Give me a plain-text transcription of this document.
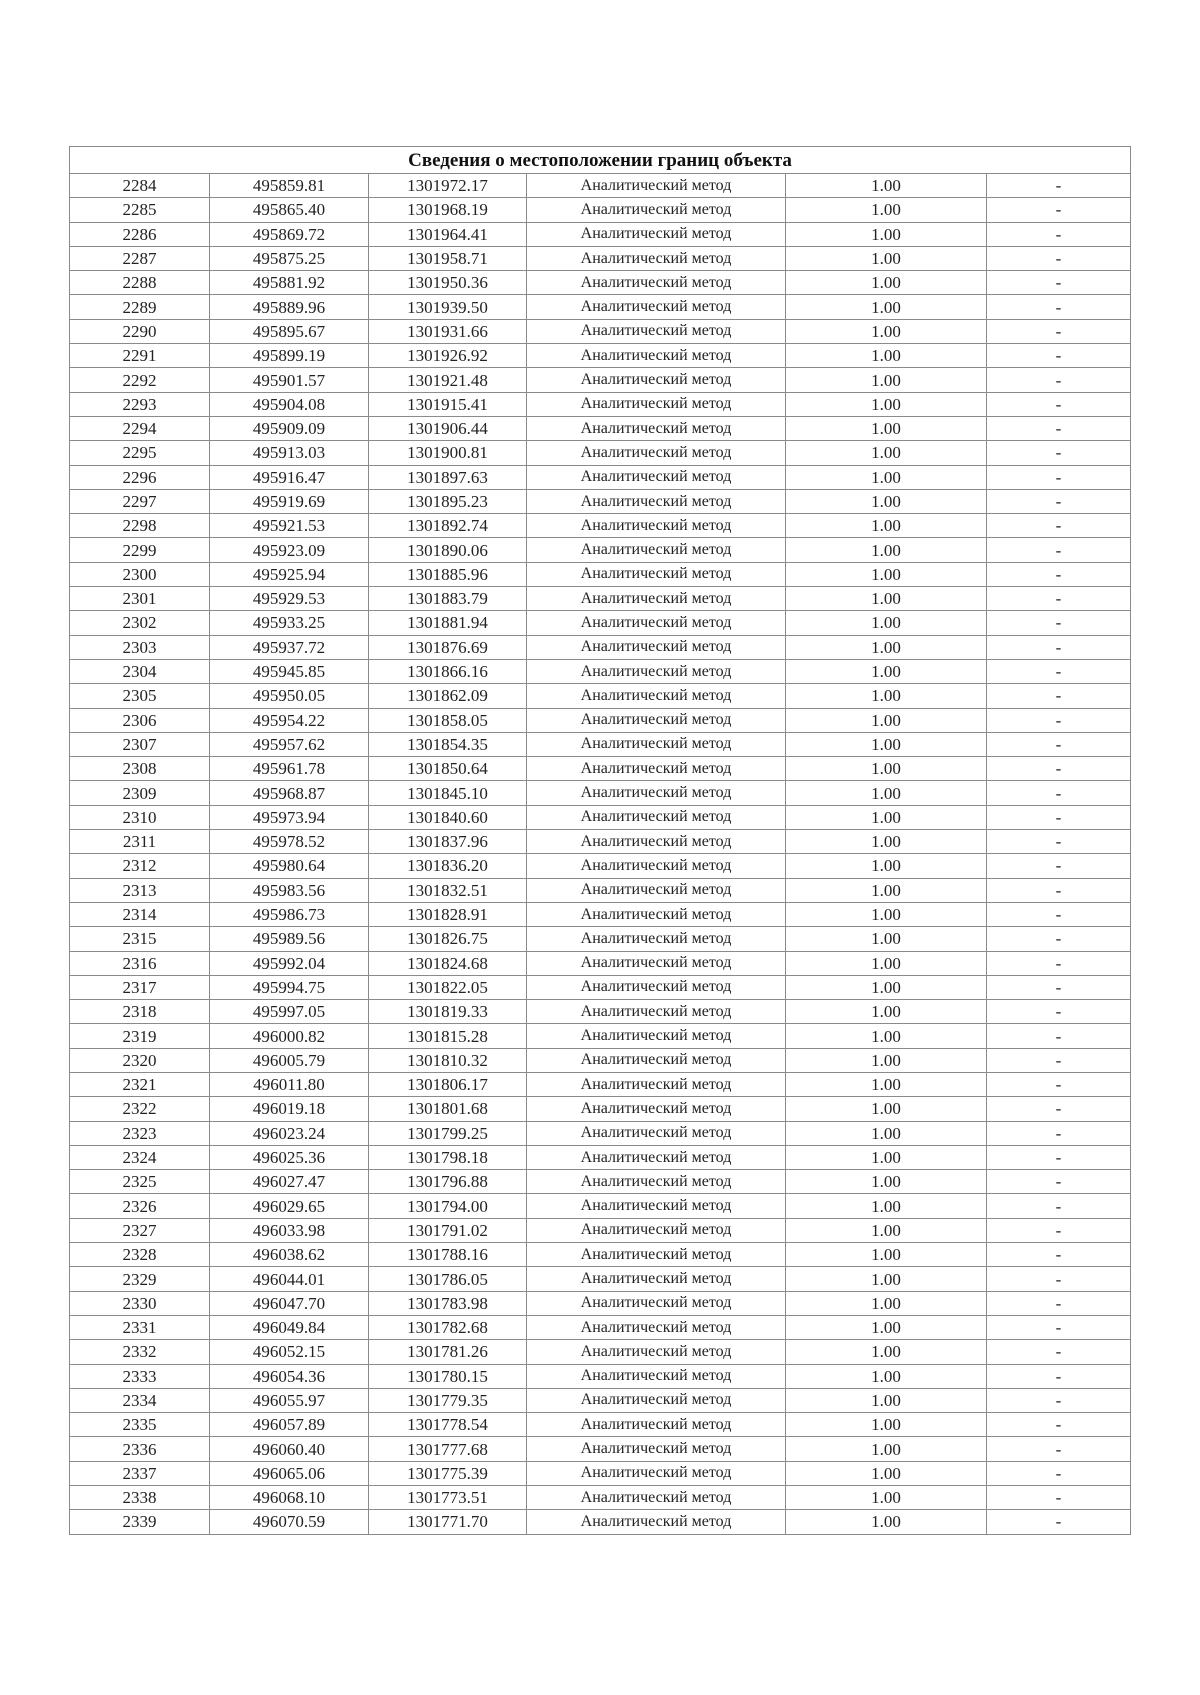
Сведения о местоположении границ объекта					
2284	495859.81	1301972.17	Аналитический метод	1.00	-
2285	495865.40	1301968.19	Аналитический метод	1.00	-
2286	495869.72	1301964.41	Аналитический метод	1.00	-
2287	495875.25	1301958.71	Аналитический метод	1.00	-
2288	495881.92	1301950.36	Аналитический метод	1.00	-
2289	495889.96	1301939.50	Аналитический метод	1.00	-
2290	495895.67	1301931.66	Аналитический метод	1.00	-
2291	495899.19	1301926.92	Аналитический метод	1.00	-
2292	495901.57	1301921.48	Аналитический метод	1.00	-
2293	495904.08	1301915.41	Аналитический метод	1.00	-
2294	495909.09	1301906.44	Аналитический метод	1.00	-
2295	495913.03	1301900.81	Аналитический метод	1.00	-
2296	495916.47	1301897.63	Аналитический метод	1.00	-
2297	495919.69	1301895.23	Аналитический метод	1.00	-
2298	495921.53	1301892.74	Аналитический метод	1.00	-
2299	495923.09	1301890.06	Аналитический метод	1.00	-
2300	495925.94	1301885.96	Аналитический метод	1.00	-
2301	495929.53	1301883.79	Аналитический метод	1.00	-
2302	495933.25	1301881.94	Аналитический метод	1.00	-
2303	495937.72	1301876.69	Аналитический метод	1.00	-
2304	495945.85	1301866.16	Аналитический метод	1.00	-
2305	495950.05	1301862.09	Аналитический метод	1.00	-
2306	495954.22	1301858.05	Аналитический метод	1.00	-
2307	495957.62	1301854.35	Аналитический метод	1.00	-
2308	495961.78	1301850.64	Аналитический метод	1.00	-
2309	495968.87	1301845.10	Аналитический метод	1.00	-
2310	495973.94	1301840.60	Аналитический метод	1.00	-
2311	495978.52	1301837.96	Аналитический метод	1.00	-
2312	495980.64	1301836.20	Аналитический метод	1.00	-
2313	495983.56	1301832.51	Аналитический метод	1.00	-
2314	495986.73	1301828.91	Аналитический метод	1.00	-
2315	495989.56	1301826.75	Аналитический метод	1.00	-
2316	495992.04	1301824.68	Аналитический метод	1.00	-
2317	495994.75	1301822.05	Аналитический метод	1.00	-
2318	495997.05	1301819.33	Аналитический метод	1.00	-
2319	496000.82	1301815.28	Аналитический метод	1.00	-
2320	496005.79	1301810.32	Аналитический метод	1.00	-
2321	496011.80	1301806.17	Аналитический метод	1.00	-
2322	496019.18	1301801.68	Аналитический метод	1.00	-
2323	496023.24	1301799.25	Аналитический метод	1.00	-
2324	496025.36	1301798.18	Аналитический метод	1.00	-
2325	496027.47	1301796.88	Аналитический метод	1.00	-
2326	496029.65	1301794.00	Аналитический метод	1.00	-
2327	496033.98	1301791.02	Аналитический метод	1.00	-
2328	496038.62	1301788.16	Аналитический метод	1.00	-
2329	496044.01	1301786.05	Аналитический метод	1.00	-
2330	496047.70	1301783.98	Аналитический метод	1.00	-
2331	496049.84	1301782.68	Аналитический метод	1.00	-
2332	496052.15	1301781.26	Аналитический метод	1.00	-
2333	496054.36	1301780.15	Аналитический метод	1.00	-
2334	496055.97	1301779.35	Аналитический метод	1.00	-
2335	496057.89	1301778.54	Аналитический метод	1.00	-
2336	496060.40	1301777.68	Аналитический метод	1.00	-
2337	496065.06	1301775.39	Аналитический метод	1.00	-
2338	496068.10	1301773.51	Аналитический метод	1.00	-
2339	496070.59	1301771.70	Аналитический метод	1.00	-
